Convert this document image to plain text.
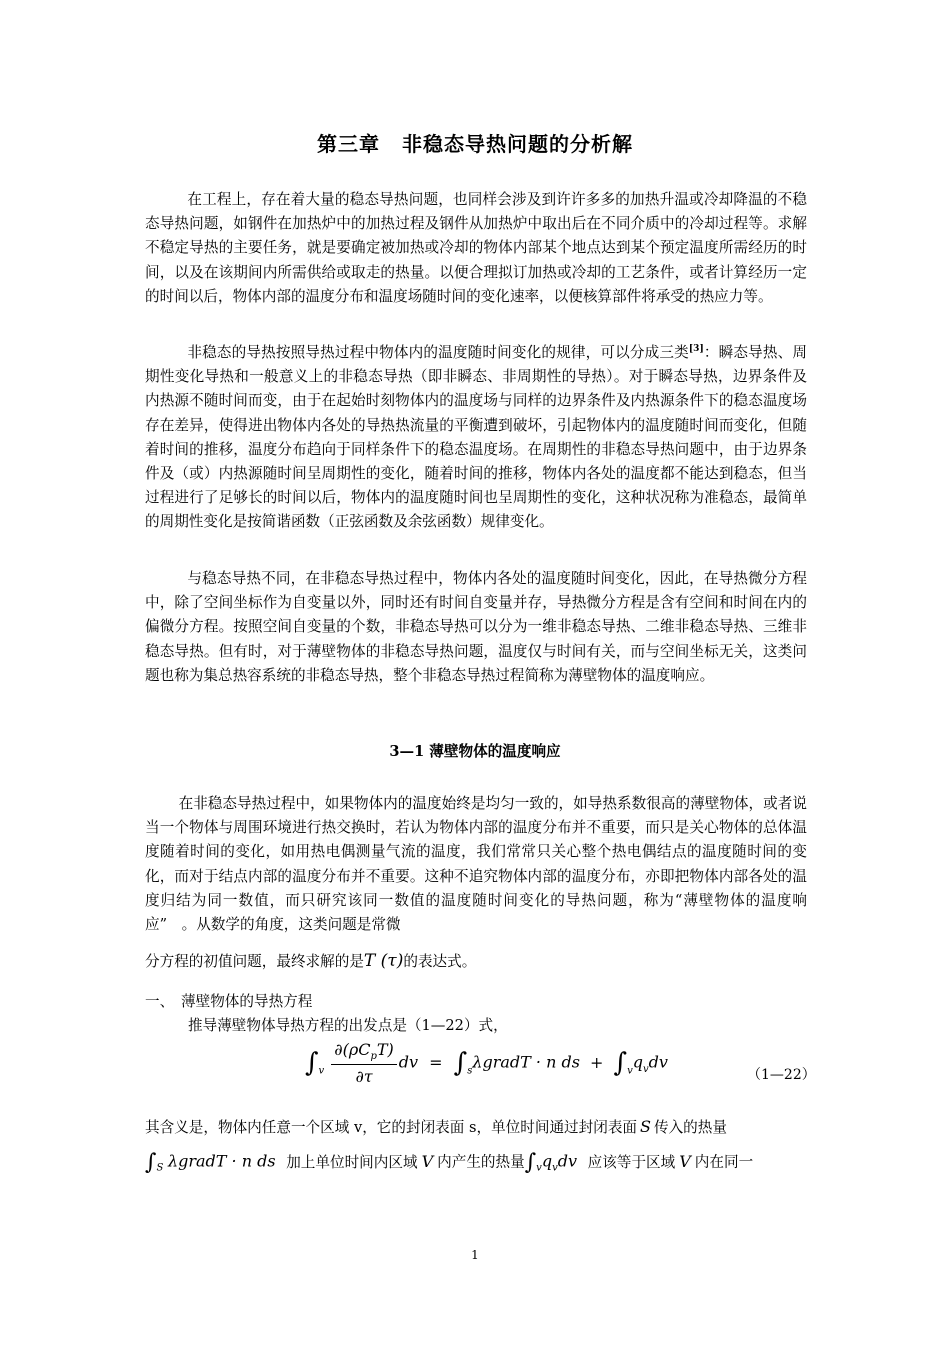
第三章 非稳态导热问题的分析解

在工程上，存在着大量的稳态导热问题，也同样会涉及到许许多多的加热升温或冷却降温的不稳态导热问题，如钢件在加热炉中的加热过程及钢件从加热炉中取出后在不同介质中的冷却过程等。求解不稳定导热的主要任务，就是要确定被加热或冷却的物体内部某个地点达到某个预定温度所需经历的时间，以及在该期间内所需供给或取走的热量。以便合理拟订加热或冷却的工艺条件，或者计算经历一定的时间以后，物体内部的温度分布和温度场随时间的变化速率，以便核算部件将承受的热应力等。

非稳态的导热按照导热过程中物体内的温度随时间变化的规律，可以分成三类[3]：瞬态导热、周期性变化导热和一般意义上的非稳态导热（即非瞬态、非周期性的导热）。对于瞬态导热，边界条件及内热源不随时间而变，由于在起始时刻物体内的温度场与同样的边界条件及内热源条件下的稳态温度场存在差异，使得进出物体内各处的导热热流量的平衡遭到破坏，引起物体内的温度随时间而变化，但随着时间的推移，温度分布趋向于同样条件下的稳态温度场。在周期性的非稳态导热问题中，由于边界条件及（或）内热源随时间呈周期性的变化，随着时间的推移，物体内各处的温度都不能达到稳态，但当过程进行了足够长的时间以后，物体内的温度随时间也呈周期性的变化，这种状况称为准稳态，最简单的周期性变化是按简谐函数（正弦函数及余弦函数）规律变化。

与稳态导热不同，在非稳态导热过程中，物体内各处的温度随时间变化，因此，在导热微分方程中，除了空间坐标作为自变量以外，同时还有时间自变量并存，导热微分方程是含有空间和时间在内的偏微分方程。按照空间自变量的个数，非稳态导热可以分为一维非稳态导热、二维非稳态导热、三维非稳态导热。但有时，对于薄壁物体的非稳态导热问题，温度仅与时间有关，而与空间坐标无关，这类问题也称为集总热容系统的非稳态导热，整个非稳态导热过程简称为薄壁物体的温度响应。

3—1 薄壁物体的温度响应

在非稳态导热过程中，如果物体内的温度始终是均匀一致的，如导热系数很高的薄壁物体，或者说当一个物体与周围环境进行热交换时，若认为物体内部的温度分布并不重要，而只是关心物体的总体温度随着时间的变化，如用热电偶测量气流的温度，我们常常只关心整个热电偶结点的温度随时间的变化，而对于结点内部的温度分布并不重要。这种不追究物体内部的温度分布，亦即把物体内部各处的温度归结为同一数值，而只研究该同一数值的温度随时间变化的导热问题，称为“薄壁物体的温度响应”　。从数学的角度，这类问题是常微

分方程的初值问题，最终求解的是T (τ)的表达式。
一、 薄壁物体的导热方程
推导薄壁物体导热方程的出发点是（1—22）式，
$\int_v \frac{\partial(\rho C_pT)}{\partial\tau}$ dv = $\int_s\lambda gradT \cdot n$ ds + $\int_vq_vdv$
（1—22）
其含义是，物体内任意一个区域 v，它的封闭表面 s，单位时间通过封闭表面 S 传入的热量
$\int_S$ λgradT · n ds 加上单位时间内区域 V 内产生的热量$\int_vq_vdv$ 应该等于区域 V 内在同一
1
